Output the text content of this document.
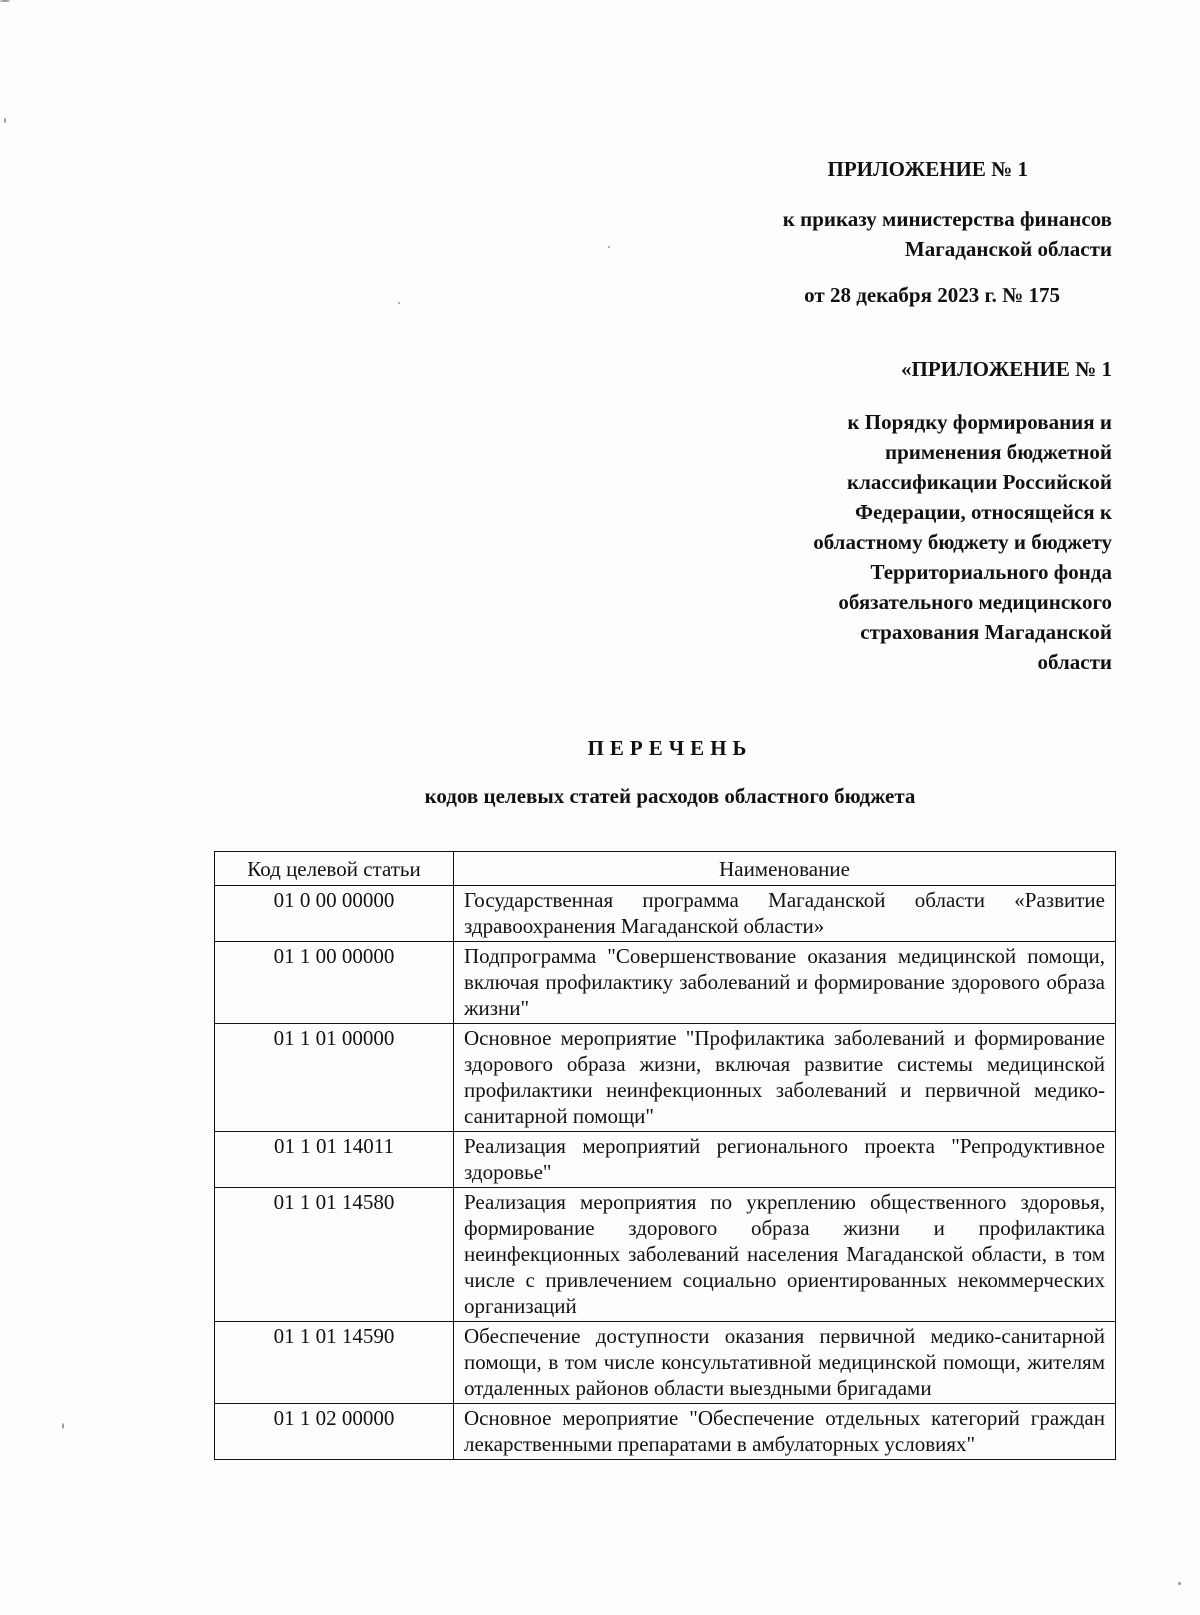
ПРИЛОЖЕНИЕ № 1
к приказу министерства финансов
Магаданской области
от 28 декабря 2023 г. № 175
«ПРИЛОЖЕНИЕ № 1
к Порядку формирования и
применения бюджетной
классификации Российской
Федерации, относящейся к
областному бюджету и бюджету
Территориального фонда
обязательного медицинского
страхования Магаданской
области
ПЕРЕЧЕНЬ
кодов целевых статей расходов областного бюджета
Код целевой статьи	Наименование
01 0 00 00000	Государственная программа Магаданской области «Развитие здравоохранения Магаданской области»
01 1 00 00000	Подпрограмма "Совершенствование оказания медицинской помощи, включая профилактику заболеваний и формирование здорового образа жизни"
01 1 01 00000	Основное мероприятие "Профилактика заболеваний и формирование здорового образа жизни, включая развитие системы медицинской профилактики неинфекционных заболеваний и первичной медико-санитарной помощи"
01 1 01 14011	Реализация мероприятий регионального проекта "Репродуктивное здоровье"
01 1 01 14580	Реализация мероприятия по укреплению общественного здоровья, формирование здорового образа жизни и профилактика неинфекционных заболеваний населения Магаданской области, в том числе с привлечением социально ориентированных некоммерческих организаций
01 1 01 14590	Обеспечение доступности оказания первичной медико-санитарной помощи, в том числе консультативной медицинской помощи, жителям отдаленных районов области выездными бригадами
01 1 02 00000	Основное мероприятие "Обеспечение отдельных категорий граждан лекарственными препаратами в амбулаторных условиях"
